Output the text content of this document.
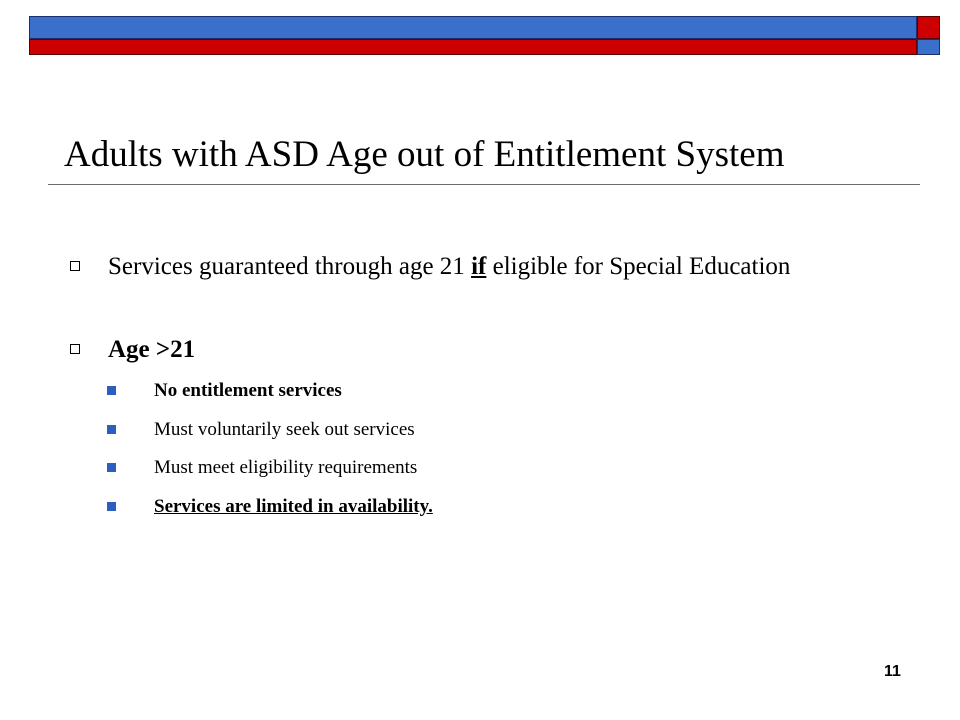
Adults with ASD Age out of Entitlement System
Services guaranteed through age 21 if eligible for Special Education
Age >21
No entitlement services
Must voluntarily seek out services
Must meet eligibility requirements
Services are limited in availability.
11
